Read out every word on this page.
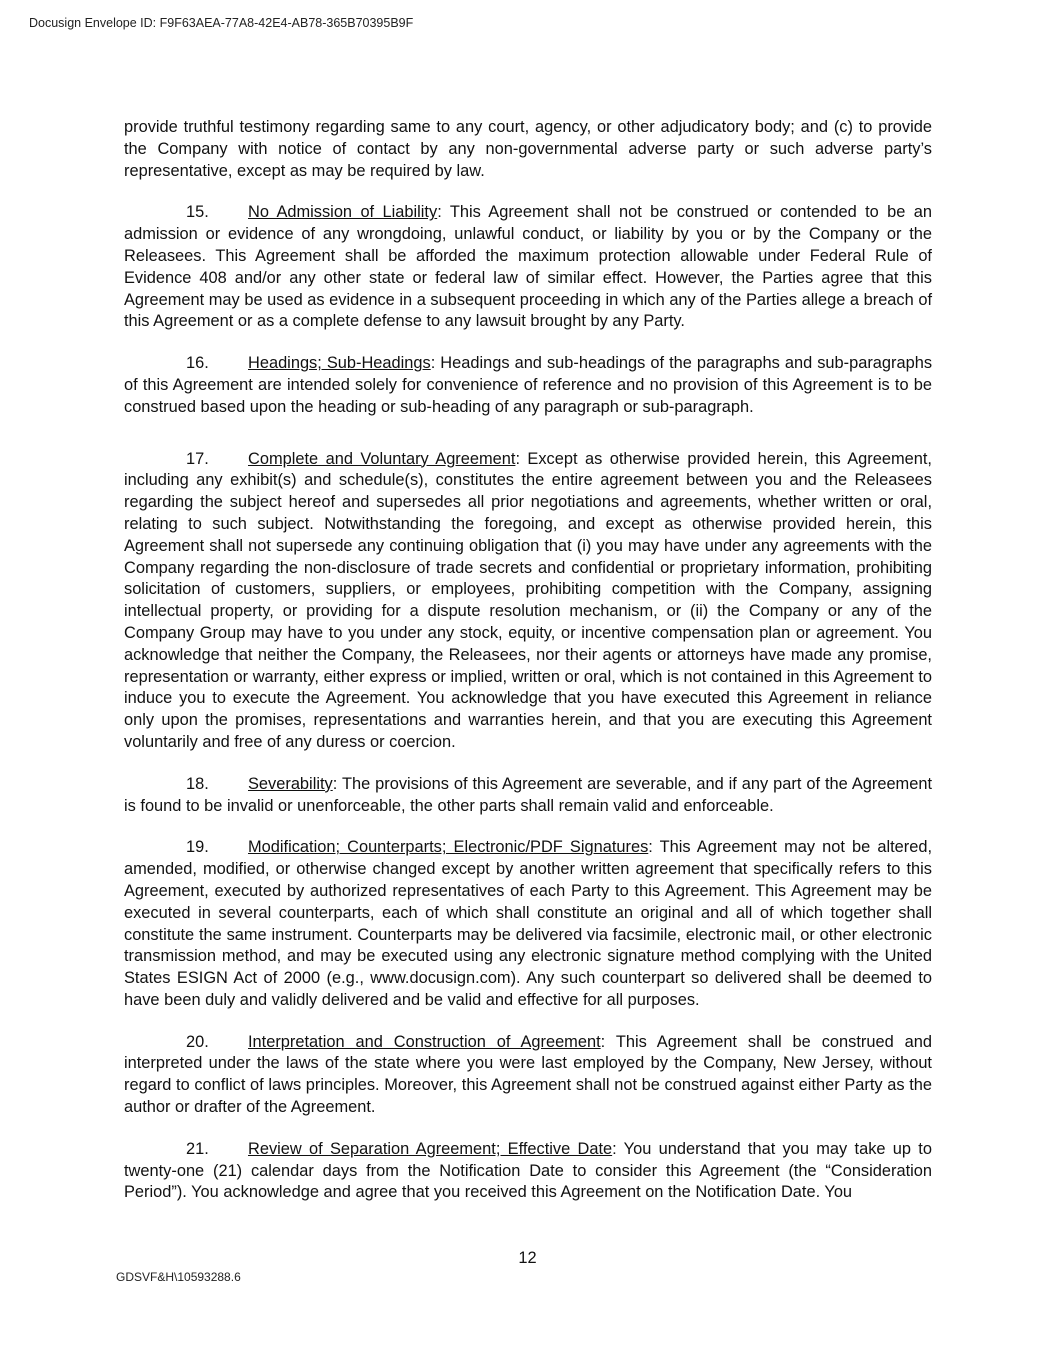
Docusign Envelope ID: F9F63AEA-77A8-42E4-AB78-365B70395B9F

provide truthful testimony regarding same to any court, agency, or other adjudicatory body; and (c) to provide the Company with notice of contact by any non-governmental adverse party or such adverse party’s representative, except as may be required by law.

15. No Admission of Liability: This Agreement shall not be construed or contended to be an admission or evidence of any wrongdoing, unlawful conduct, or liability by you or by the Company or the Releasees. This Agreement shall be afforded the maximum protection allowable under Federal Rule of Evidence 408 and/or any other state or federal law of similar effect. However, the Parties agree that this Agreement may be used as evidence in a subsequent proceeding in which any of the Parties allege a breach of this Agreement or as a complete defense to any lawsuit brought by any Party.

16. Headings; Sub-Headings: Headings and sub-headings of the paragraphs and sub-paragraphs of this Agreement are intended solely for convenience of reference and no provision of this Agreement is to be construed based upon the heading or sub-heading of any paragraph or sub-paragraph.

17. Complete and Voluntary Agreement: Except as otherwise provided herein, this Agreement, including any exhibit(s) and schedule(s), constitutes the entire agreement between you and the Releasees regarding the subject hereof and supersedes all prior negotiations and agreements, whether written or oral, relating to such subject. Notwithstanding the foregoing, and except as otherwise provided herein, this Agreement shall not supersede any continuing obligation that (i) you may have under any agreements with the Company regarding the non-disclosure of trade secrets and confidential or proprietary information, prohibiting solicitation of customers, suppliers, or employees, prohibiting competition with the Company, assigning intellectual property, or providing for a dispute resolution mechanism, or (ii) the Company or any of the Company Group may have to you under any stock, equity, or incentive compensation plan or agreement. You acknowledge that neither the Company, the Releasees, nor their agents or attorneys have made any promise, representation or warranty, either express or implied, written or oral, which is not contained in this Agreement to induce you to execute the Agreement. You acknowledge that you have executed this Agreement in reliance only upon the promises, representations and warranties herein, and that you are executing this Agreement voluntarily and free of any duress or coercion.

18. Severability: The provisions of this Agreement are severable, and if any part of the Agreement is found to be invalid or unenforceable, the other parts shall remain valid and enforceable.

19. Modification; Counterparts; Electronic/PDF Signatures: This Agreement may not be altered, amended, modified, or otherwise changed except by another written agreement that specifically refers to this Agreement, executed by authorized representatives of each Party to this Agreement. This Agreement may be executed in several counterparts, each of which shall constitute an original and all of which together shall constitute the same instrument. Counterparts may be delivered via facsimile, electronic mail, or other electronic transmission method, and may be executed using any electronic signature method complying with the United States ESIGN Act of 2000 (e.g., www.docusign.com). Any such counterpart so delivered shall be deemed to have been duly and validly delivered and be valid and effective for all purposes.

20. Interpretation and Construction of Agreement: This Agreement shall be construed and interpreted under the laws of the state where you were last employed by the Company, New Jersey, without regard to conflict of laws principles. Moreover, this Agreement shall not be construed against either Party as the author or drafter of the Agreement.

21. Review of Separation Agreement; Effective Date: You understand that you may take up to twenty-one (21) calendar days from the Notification Date to consider this Agreement (the “Consideration Period”). You acknowledge and agree that you received this Agreement on the Notification Date. You

12
GDSVF&H\10593288.6
